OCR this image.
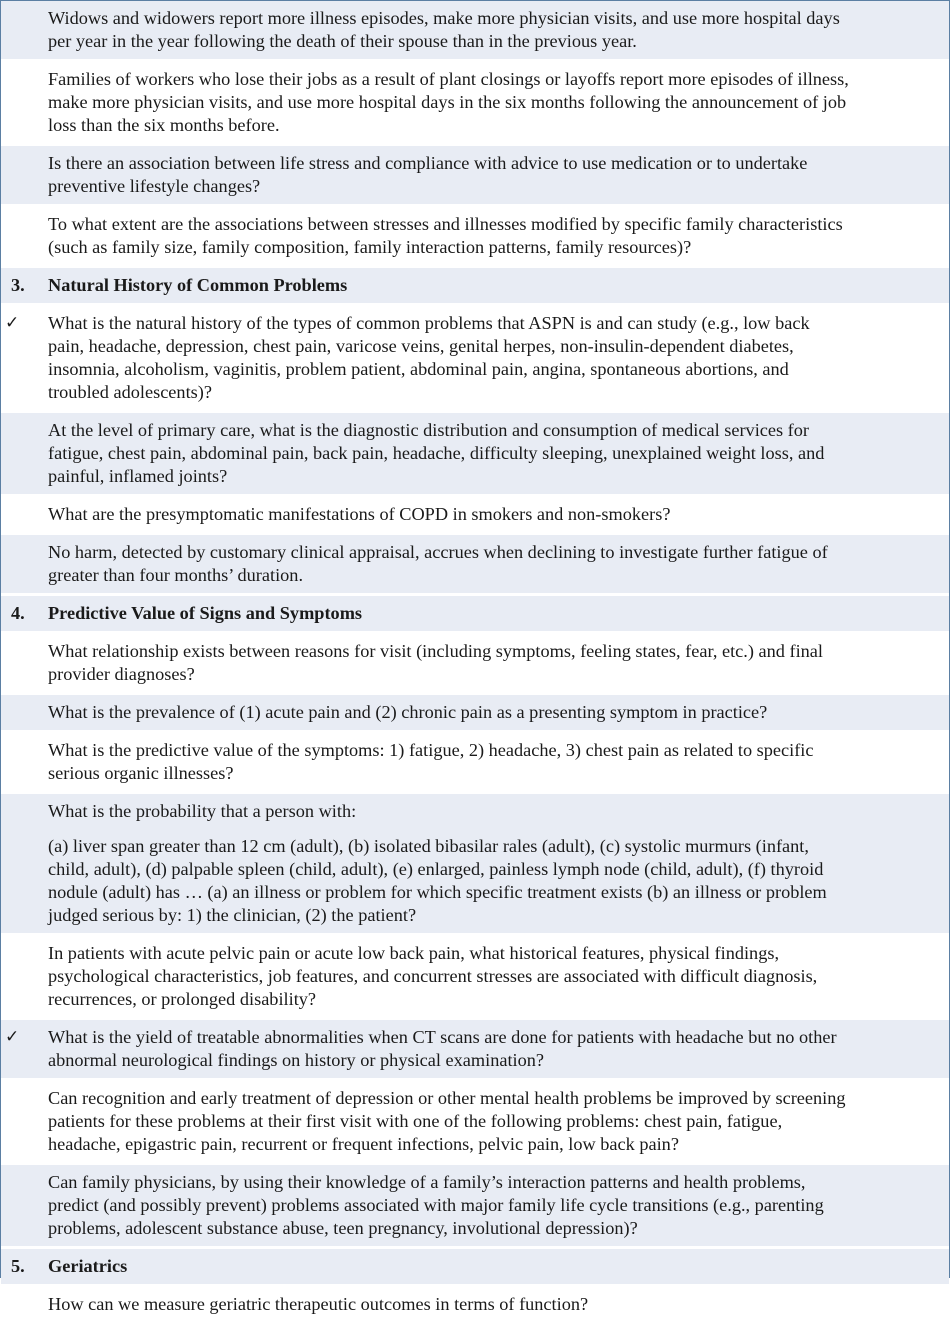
Widows and widowers report more illness episodes, make more physician visits, and use more hospital days
per year in the year following the death of their spouse than in the previous year.
Families of workers who lose their jobs as a result of plant closings or layoffs report more episodes of illness,
make more physician visits, and use more hospital days in the six months following the announcement of job
loss than the six months before.
Is there an association between life stress and compliance with advice to use medication or to undertake
preventive lifestyle changes?
To what extent are the associations between stresses and illnesses modified by specific family characteristics
(such as family size, family composition, family interaction patterns, family resources)?
3.	Natural History of Common Problems
✓	What is the natural history of the types of common problems that ASPN is and can study (e.g., low back
pain, headache, depression, chest pain, varicose veins, genital herpes, non-insulin-dependent diabetes,
insomnia, alcoholism, vaginitis, problem patient, abdominal pain, angina, spontaneous abortions, and
troubled adolescents)?
At the level of primary care, what is the diagnostic distribution and consumption of medical services for
fatigue, chest pain, abdominal pain, back pain, headache, difficulty sleeping, unexplained weight loss, and
painful, inflamed joints?
What are the presymptomatic manifestations of COPD in smokers and non-smokers?
No harm, detected by customary clinical appraisal, accrues when declining to investigate further fatigue of
greater than four months’ duration.
4.	Predictive Value of Signs and Symptoms
What relationship exists between reasons for visit (including symptoms, feeling states, fear, etc.) and final
provider diagnoses?
What is the prevalence of (1) acute pain and (2) chronic pain as a presenting symptom in practice?
What is the predictive value of the symptoms: 1) fatigue, 2) headache, 3) chest pain as related to specific
serious organic illnesses?
What is the probability that a person with:
(a) liver span greater than 12 cm (adult), (b) isolated bibasilar rales (adult), (c) systolic murmurs (infant,
child, adult), (d) palpable spleen (child, adult), (e) enlarged, painless lymph node (child, adult), (f) thyroid
nodule (adult) has … (a) an illness or problem for which specific treatment exists (b) an illness or problem
judged serious by: 1) the clinician, (2) the patient?
In patients with acute pelvic pain or acute low back pain, what historical features, physical findings,
psychological characteristics, job features, and concurrent stresses are associated with difficult diagnosis,
recurrences, or prolonged disability?
✓	What is the yield of treatable abnormalities when CT scans are done for patients with headache but no other
abnormal neurological findings on history or physical examination?
Can recognition and early treatment of depression or other mental health problems be improved by screening
patients for these problems at their first visit with one of the following problems: chest pain, fatigue,
headache, epigastric pain, recurrent or frequent infections, pelvic pain, low back pain?
Can family physicians, by using their knowledge of a family’s interaction patterns and health problems,
predict (and possibly prevent) problems associated with major family life cycle transitions (e.g., parenting
problems, adolescent substance abuse, teen pregnancy, involutional depression)?
5.	Geriatrics
How can we measure geriatric therapeutic outcomes in terms of function?
